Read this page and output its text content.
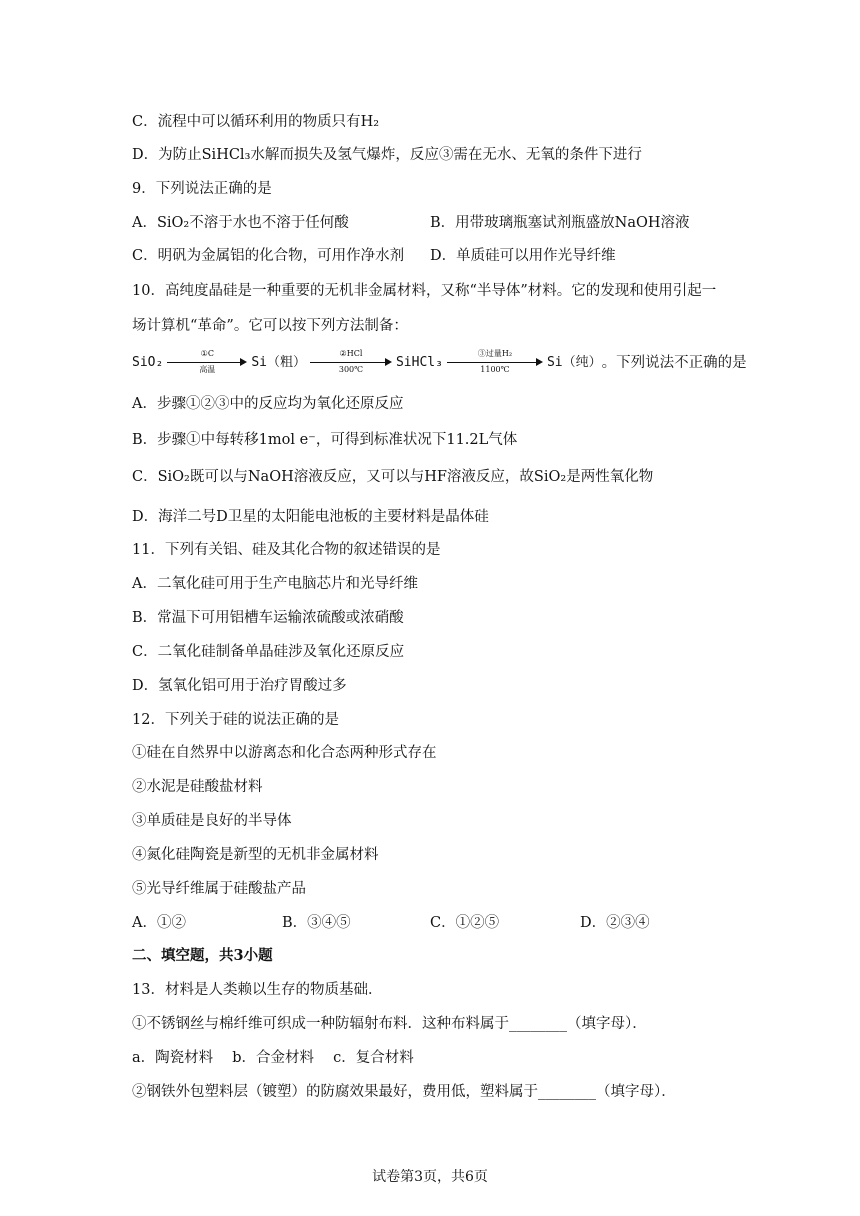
C．流程中可以循环利用的物质只有H₂
D．为防止SiHCl₃水解而损失及氢气爆炸，反应③需在无水、无氧的条件下进行
9．下列说法正确的是
A．SiO₂不溶于水也不溶于任何酸	B．用带玻璃瓶塞试剂瓶盛放NaOH溶液
C．明矾为金属铝的化合物，可用作净水剂 D．单质硅可以用作光导纤维
10．高纯度晶硅是一种重要的无机非金属材料，又称“半导体”材料。它的发现和使用引起一
场计算机“革命”。它可以按下列方法制备：
SiO₂
①C
高温	Si（粗）
②HCl
300℃	SiHCl₃
③过量H₂
1100℃	Si（纯） 。下列说法不正确的是
A．步骤①②③中的反应均为氧化还原反应
B．步骤①中每转移1mol e⁻，可得到标准状况下11.2L气体
C．SiO₂既可以与NaOH溶液反应，又可以与HF溶液反应，故SiO₂是两性氧化物
D．海洋二号D卫星的太阳能电池板的主要材料是晶体硅
11．下列有关铝、硅及其化合物的叙述错误的是
A．二氧化硅可用于生产电脑芯片和光导纤维
B．常温下可用铝槽车运输浓硫酸或浓硝酸
C．二氧化硅制备单晶硅涉及氧化还原反应
D．氢氧化铝可用于治疗胃酸过多
12．下列关于硅的说法正确的是
①硅在自然界中以游离态和化合态两种形式存在
②水泥是硅酸盐材料
③单质硅是良好的半导体
④氮化硅陶瓷是新型的无机非金属材料
⑤光导纤维属于硅酸盐产品
A．①②	B．③④⑤	C．①②⑤	D．②③④
二、填空题，共3小题
13．材料是人类赖以生存的物质基础．
①不锈钢丝与棉纤维可织成一种防辐射布料．这种布料属于________（填字母）．
a．陶瓷材料　 b．合金材料　 c．复合材料
②钢铁外包塑料层（镀塑）的防腐效果最好，费用低，塑料属于________（填字母）．
试卷第3页，共6页
